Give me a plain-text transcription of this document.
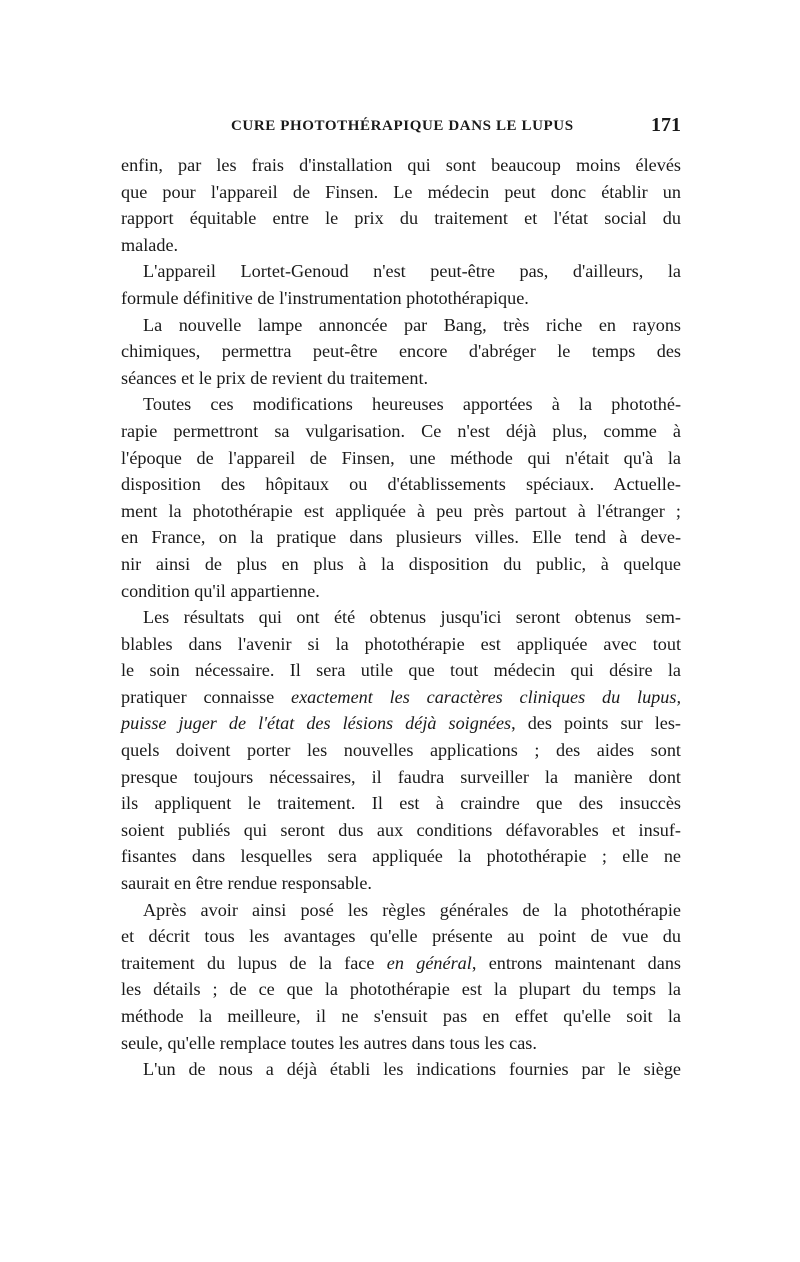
CURE PHOTOTHÉRAPIQUE DANS LE LUPUS	171
enfin, par les frais d'installation qui sont beaucoup moins élevés
que pour l'appareil de Finsen. Le médecin peut donc établir un
rapport équitable entre le prix du traitement et l'état social du
malade.
L'appareil Lortet-Genoud n'est peut-être pas, d'ailleurs, la
formule définitive de l'instrumentation photothérapique.
La nouvelle lampe annoncée par Bang, très riche en rayons
chimiques, permettra peut-être encore d'abréger le temps des
séances et le prix de revient du traitement.
Toutes ces modifications heureuses apportées à la photothé-
rapie permettront sa vulgarisation. Ce n'est déjà plus, comme à
l'époque de l'appareil de Finsen, une méthode qui n'était qu'à la
disposition des hôpitaux ou d'établissements spéciaux. Actuelle-
ment la photothérapie est appliquée à peu près partout à l'étranger ;
en France, on la pratique dans plusieurs villes. Elle tend à deve-
nir ainsi de plus en plus à la disposition du public, à quelque
condition qu'il appartienne.
Les résultats qui ont été obtenus jusqu'ici seront obtenus sem-
blables dans l'avenir si la photothérapie est appliquée avec tout
le soin nécessaire. Il sera utile que tout médecin qui désire la
pratiquer connaisse exactement les caractères cliniques du lupus,
puisse juger de l'état des lésions déjà soignées, des points sur les-
quels doivent porter les nouvelles applications ; des aides sont
presque toujours nécessaires, il faudra surveiller la manière dont
ils appliquent le traitement. Il est à craindre que des insuccès
soient publiés qui seront dus aux conditions défavorables et insuf-
fisantes dans lesquelles sera appliquée la photothérapie ; elle ne
saurait en être rendue responsable.
Après avoir ainsi posé les règles générales de la photothérapie
et décrit tous les avantages qu'elle présente au point de vue du
traitement du lupus de la face en général, entrons maintenant dans
les détails ; de ce que la photothérapie est la plupart du temps la
méthode la meilleure, il ne s'ensuit pas en effet qu'elle soit la
seule, qu'elle remplace toutes les autres dans tous les cas.
L'un de nous a déjà établi les indications fournies par le siège
